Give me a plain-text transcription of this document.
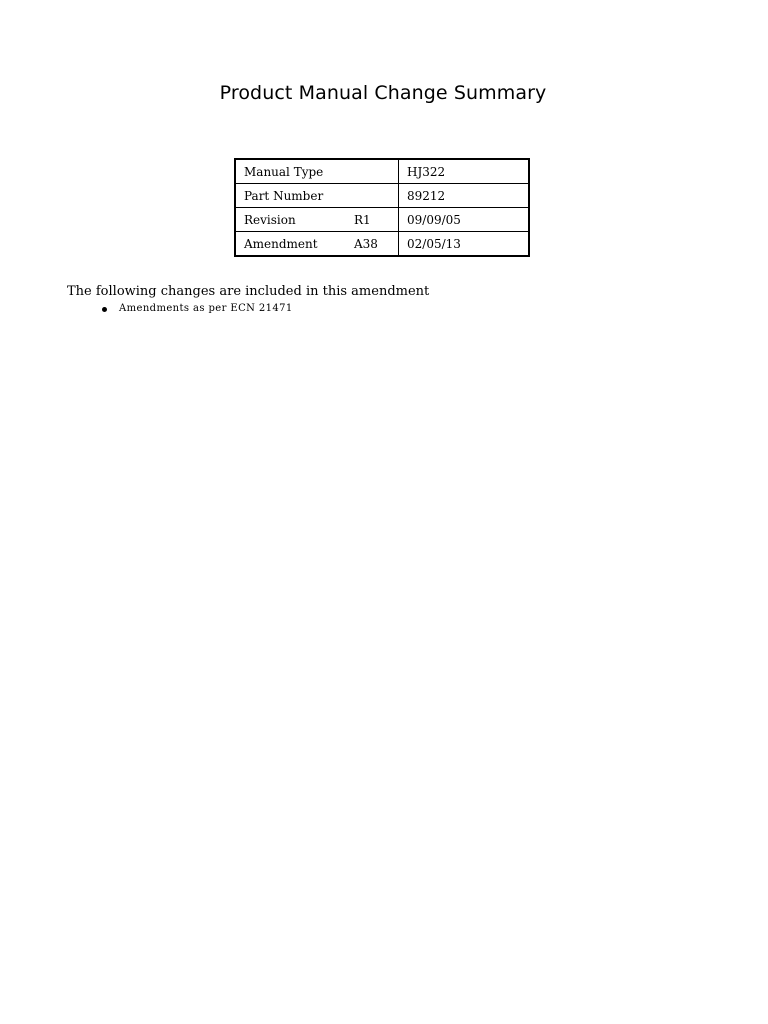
Product Manual Change Summary
Manual Type		HJ322
Part Number		89212
Revision	R1	09/09/05
Amendment	A38	02/05/13

The following changes are included in this amendment

Amendments as per ECN 21471
